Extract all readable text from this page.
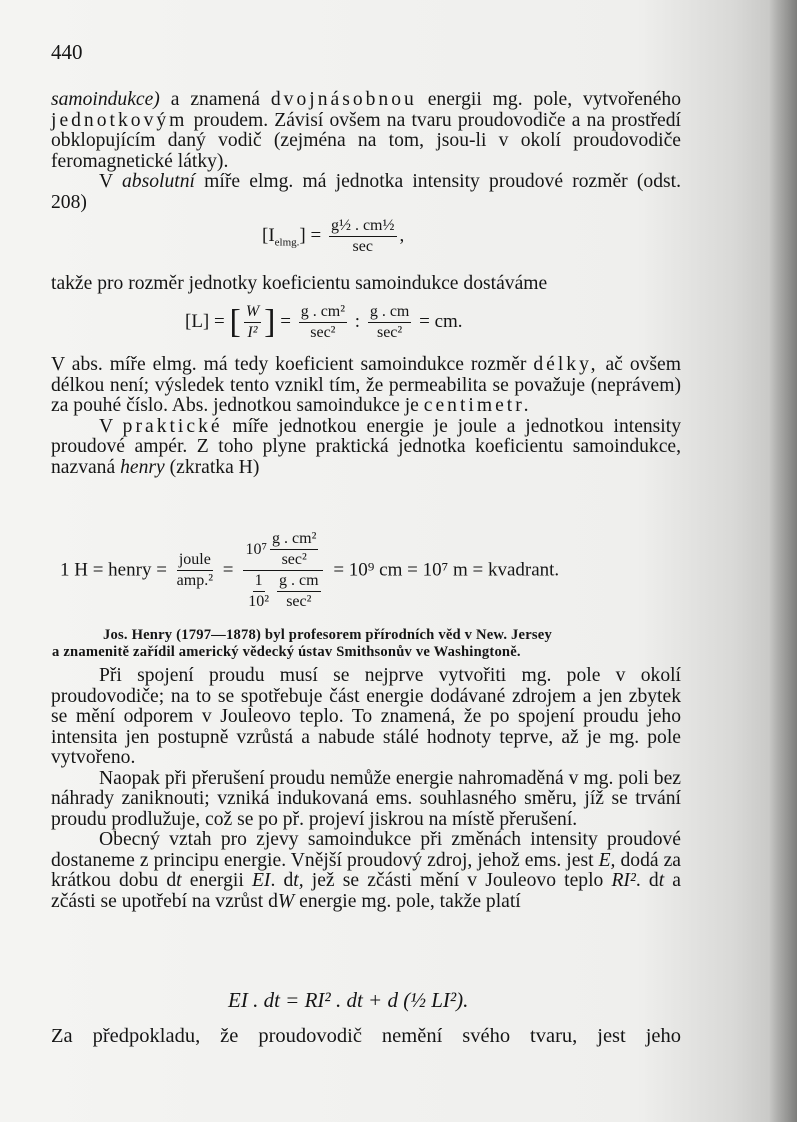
440

samoindukce) a znamená dvojnásobnou energii mg. pole, vytvořeného jednotkovým proudem. Závisí ovšem na tvaru proudovodiče a na prostředí obklopujícím daný vodič (zejména na tom, jsou-li v okolí proudovodiče feromagnetické látky).

V absolutní míře elmg. má jednotka intensity proudové rozměr (odst. 208)

$[I_{elmg.}] = \frac{\text{g½ . cm½}}{\sec}$ ,

takže pro rozměr jednotky koeficientu samoindukce dostáváme

[L] = [ $\frac{W}{\text{I²}}$ ] = $\frac{\text{g . cm²}}{\text{sec²}}$ : $\frac{g . cm}{\text{sec²}}$ = cm.

V abs. míře elmg. má tedy koeficient samoindukce rozměr délky, ač ovšem délkou není; výsledek tento vznikl tím, že permeabilita se považuje (neprávem) za pouhé číslo. Abs. jednotkou samoindukce je centimetr.

V praktické míře jednotkou energie je joule a jednotkou intensity proudové ampér. Z toho plyne praktická jednotka koeficientu samoindukce, nazvaná henry (zkratka H)

1 H = henry = $\frac{\text{joule}}{\text{amp.²}} = \frac{10^7 \frac{\text{g . cm²}}{\text{sec²}}}{\frac{1}{\text{10²}} \frac{g . cm}{\text{sec²}}} = 10^9$ cm = 10⁷ m = kvadrant.

Jos. Henry (1797—1878) byl profesorem přírodních věd v New. Jersey

a znamenitě zařídil americký vědecký ústav Smithsonův ve Washingtoně.

Při spojení proudu musí se nejprve vytvořiti mg. pole v okolí proudovodiče; na to se spotřebuje část energie dodávané zdrojem a jen zbytek se mění odporem v Jouleovo teplo. To znamená, že po spojení proudu jeho intensita jen postupně vzrůstá a nabude stálé hodnoty teprve, až je mg. pole vytvořeno.

Naopak při přerušení proudu nemůže energie nahromaděná v mg. poli bez náhrady zaniknouti; vzniká indukovaná ems. souhlasného směru, jíž se trvání proudu prodlužuje, což se po př. projeví jiskrou na místě přerušení.

Obecný vztah pro zjevy samoindukce při změnách intensity proudové dostaneme z principu energie. Vnější proudový zdroj, jehož ems. jest E, dodá za krátkou dobu dt energii EI. dt, jež se zčásti mění v Jouleovo teplo RI². dt a zčásti se upotřebí na vzrůst dW energie mg. pole, takže platí

EI . dt = RI² . dt + d (½ LI²).

Za předpokladu, že proudovodič nemění svého tvaru, jest jeho
